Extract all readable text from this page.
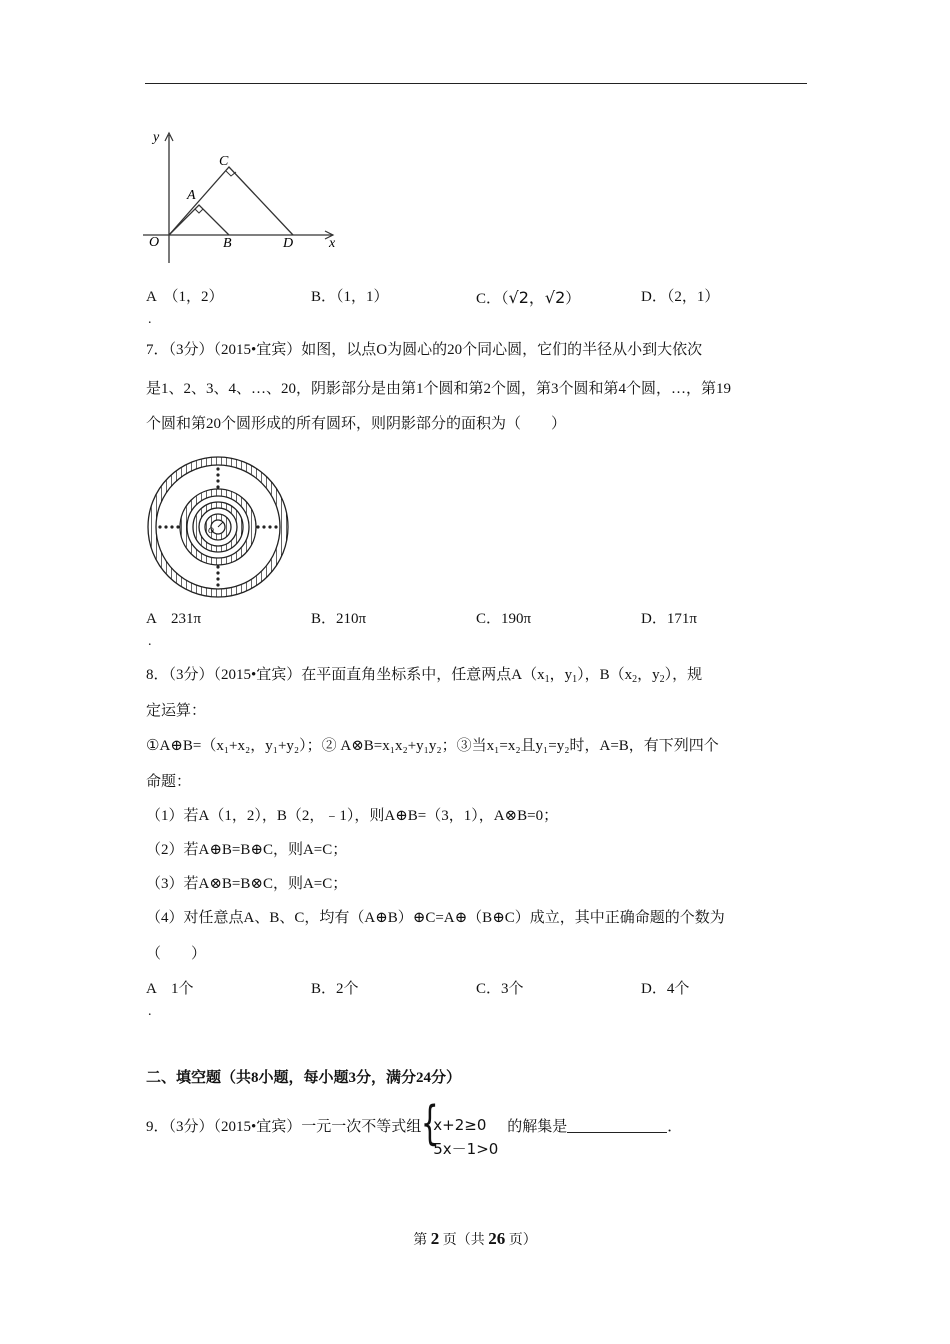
y
x
O
A
B
C
D
A　（1，2）	B．（1，1）	C．（√2，√2）	D．（2，1）
.
7．（3分）（2015•宜宾）如图，以点O为圆心的20个同心圆，它们的半径从小到大依次
是1、2、3、4、…、20，阴影部分是由第1个圆和第2个圆，第3个圆和第4个圆，…，第19
个圆和第20个圆形成的所有圆环，则阴影部分的面积为（　　）
O
A　231π	B．210π	C．190π	D．171π
.
8．（3分）（2015•宜宾）在平面直角坐标系中，任意两点$A(x_1$，$y_1$），$B(x_2$，$y_2$），规
定运算：
①A⊕B=（x₁+x₂，y₁+y₂）；② A⊗B=x₁x₂+y₁y₂；③当x₁=x₂且y₁=y₂时，A=B，有下列四个
命题：
（1）若A（1，2），B（2，﹣1），则A⊕B=（3，1），A⊗B=0；
（2）若A⊕B=B⊕C，则A=C；
（3）若A⊗B=B⊗C，则A=C；
（4）对任意点A、B、C，均有（A⊕B）⊕C=A⊕（B⊕C）成立，其中正确命题的个数为
（　　）
A　1个	B．2个	C．3个	D．4个
.
二、填空题（共8小题，每小题3分，满分24分）
9．（3分）（2015•宜宾）一元一次不等式组 {
x+2≥0
5x－1>0
的解集是	．
第 2 页（共 26 页）
